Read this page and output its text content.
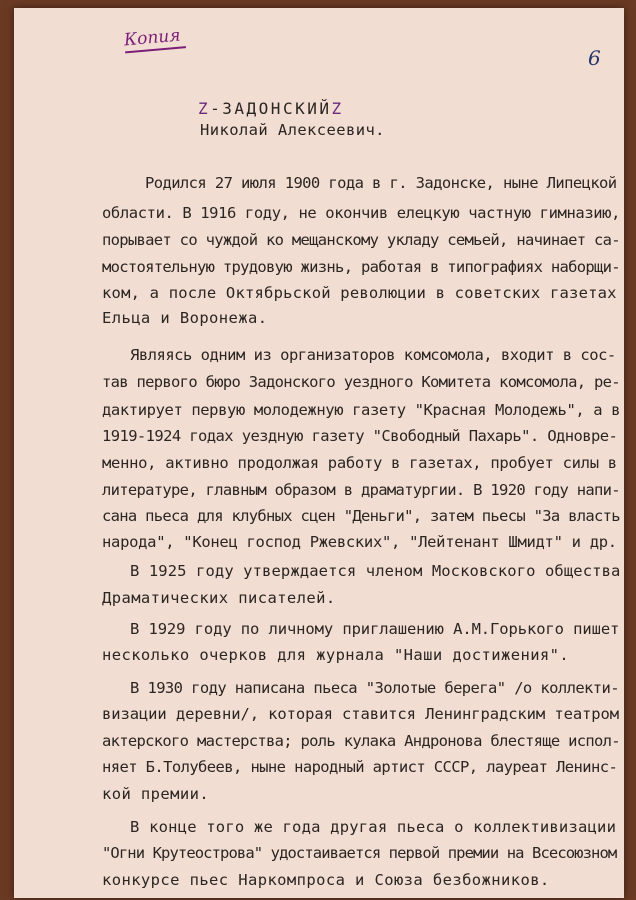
Копия
6
Z-ЗАДОНСКИЙZ
Николай Алексеевич.
Родился 27 июля 1900 года в г. Задонске, ныне Липецкой
области. В 1916 году, не окончив елецкую частную гимназию,
порывает со чуждой ко мещанскому укладу семьей, начинает са-
мостоятельную трудовую жизнь, работая в типографиях наборщи-
ком, а после Октябрьской революции в советских газетах
Ельца и Воронежа.
Являясь одним из организаторов комсомола, входит в сос-
тав первого бюро Задонского уездного Комитета комсомола, ре-
дактирует первую молодежную газету "Красная Молодежь", а в
1919-1924 годах уездную газету "Свободный Пахарь". Одновре-
менно, активно продолжая работу в газетах, пробует силы в
литературе, главным образом в драматургии. В 1920 году напи-
сана пьеса для клубных сцен "Деньги", затем пьесы "За власть
народа", "Конец гоcпод Ржевских", "Лейтенант Шмидт" и др.
В 1925 году утверждается членом Московского общества
Драматических писателей.
В 1929 году по личному приглашению А.М.Горького пишет
несколько очерков для журнала "Наши достижения".
В 1930 году написана пьеса "Золотые берега" /о коллекти-
визации деревни/, которая ставится Ленинградским театром
актерского мастерства; роль кулака Андронова блестяще испол-
няет Б.Толубеев, ныне народный артист СССР, лауреат Ленинс-
кой премии.
В конце того же года другая пьеса о коллективизации
"Огни Крутеострова" удостаивается первой премии на Всесоюзном
конкурсе пьес Наркомпроса и Союза безбожников.
